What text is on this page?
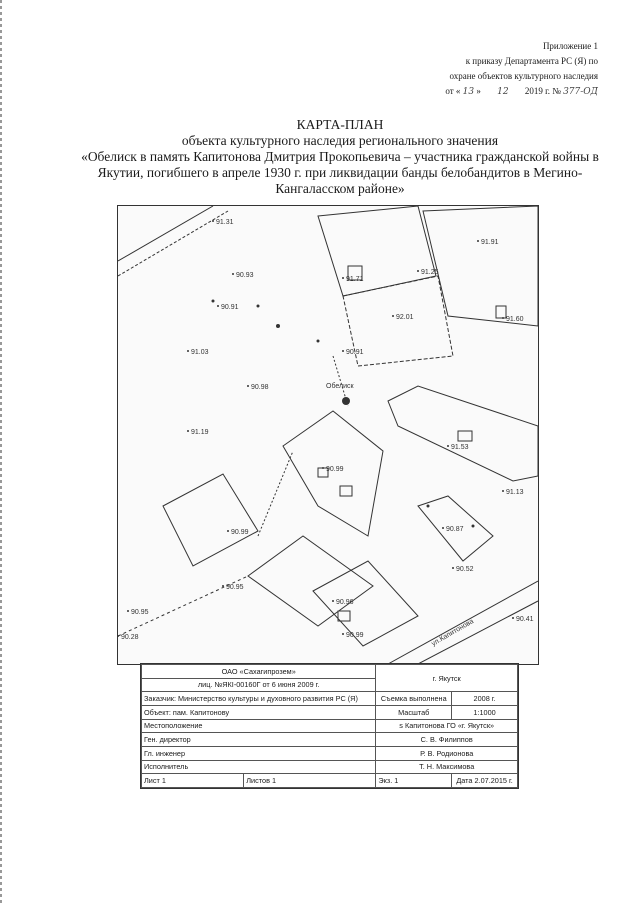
Приложение 1
к приказу Департамента РС (Я) по
охране объектов культурного наследия
от « 13 » 12 2019 г. № 377-ОД
КАРТА-ПЛАН
объекта культурного наследия регионального значения
«Обелиск в память Капитонова Дмитрия Прокопьевича – участника гражданской войны в
Якутии, погибшего в апреле 1930 г. при ликвидации банды белобандитов в Мегино-
Кангаласском районе»
Обелиск
ул.Капитонова
91.31
90.93
91.71
91.25
91.91
90.91
92.01	91.60
91.03	90.91
90.98
91.19
91.53
90.99
91.13
90.99	90.87
90.95
90.52
90.95
90.96
90.99
90.28
90.41
ОАО «Сахагипрозем»		г. Якутск	
лиц. №ЯКI-00160Г от 6 июня 2009 г.			
Заказчик: Министерство культуры и духовного развития РС (Я)		Съемка выполнена	2008 г.
Объект: пам. Капитонову		Масштаб	1:1000
Местоположение		ѕ Капитонова ГО «г. Якутск»	
Ген. директор		С. В. Филиппов	
Гл. инженер		Р. В. Родионова	
Исполнитель		Т. Н. Максимова	
Лист 1	Листов 1	Экз. 1	Дата 2.07.2015 г.
